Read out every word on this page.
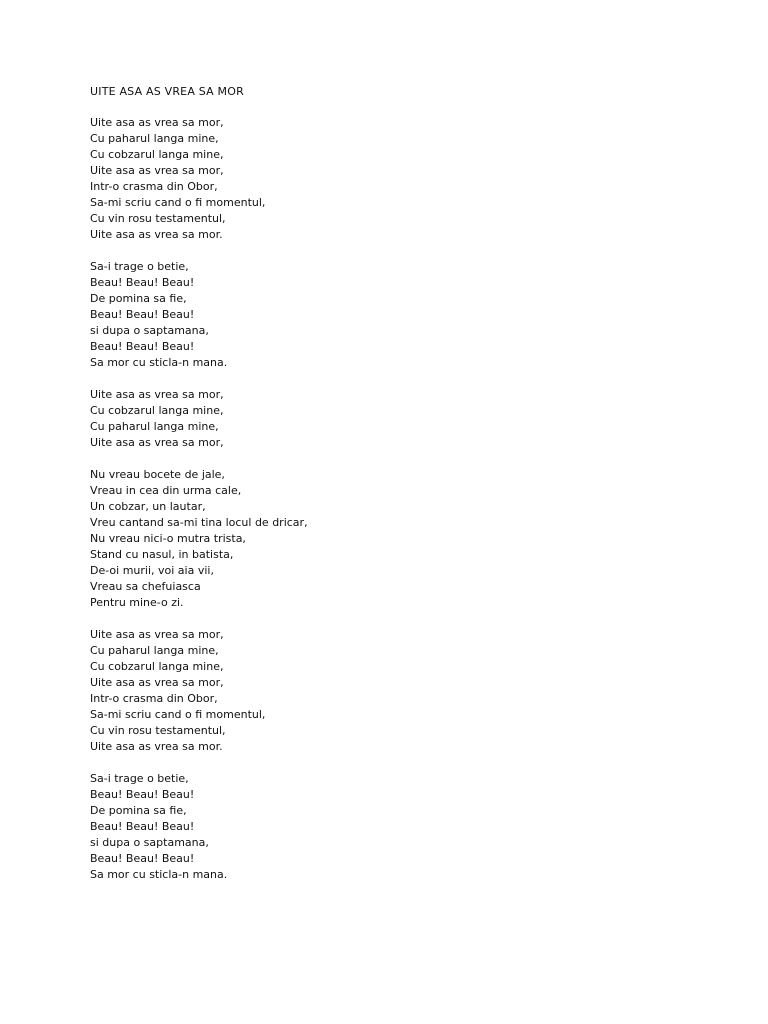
UITE ASA AS VREA SA MOR
Uite asa as vrea sa mor,
Cu paharul langa mine,
Cu cobzarul langa mine,
Uite asa as vrea sa mor,
Intr-o crasma din Obor,
Sa-mi scriu cand o fi momentul,
Cu vin rosu testamentul,
Uite asa as vrea sa mor.
Sa-i trage o betie,
Beau! Beau! Beau!
De pomina sa fie,
Beau! Beau! Beau!
si dupa o saptamana,
Beau! Beau! Beau!
Sa mor cu sticla-n mana.
Uite asa as vrea sa mor,
Cu cobzarul langa mine,
Cu paharul langa mine,
Uite asa as vrea sa mor,
Nu vreau bocete de jale,
Vreau in cea din urma cale,
Un cobzar, un lautar,
Vreu cantand sa-mi tina locul de dricar,
Nu vreau nici-o mutra trista,
Stand cu nasul, in batista,
De-oi murii, voi aia vii,
Vreau sa chefuiasca
Pentru mine-o zi.
Uite asa as vrea sa mor,
Cu paharul langa mine,
Cu cobzarul langa mine,
Uite asa as vrea sa mor,
Intr-o crasma din Obor,
Sa-mi scriu cand o fi momentul,
Cu vin rosu testamentul,
Uite asa as vrea sa mor.
Sa-i trage o betie,
Beau! Beau! Beau!
De pomina sa fie,
Beau! Beau! Beau!
si dupa o saptamana,
Beau! Beau! Beau!
Sa mor cu sticla-n mana.
